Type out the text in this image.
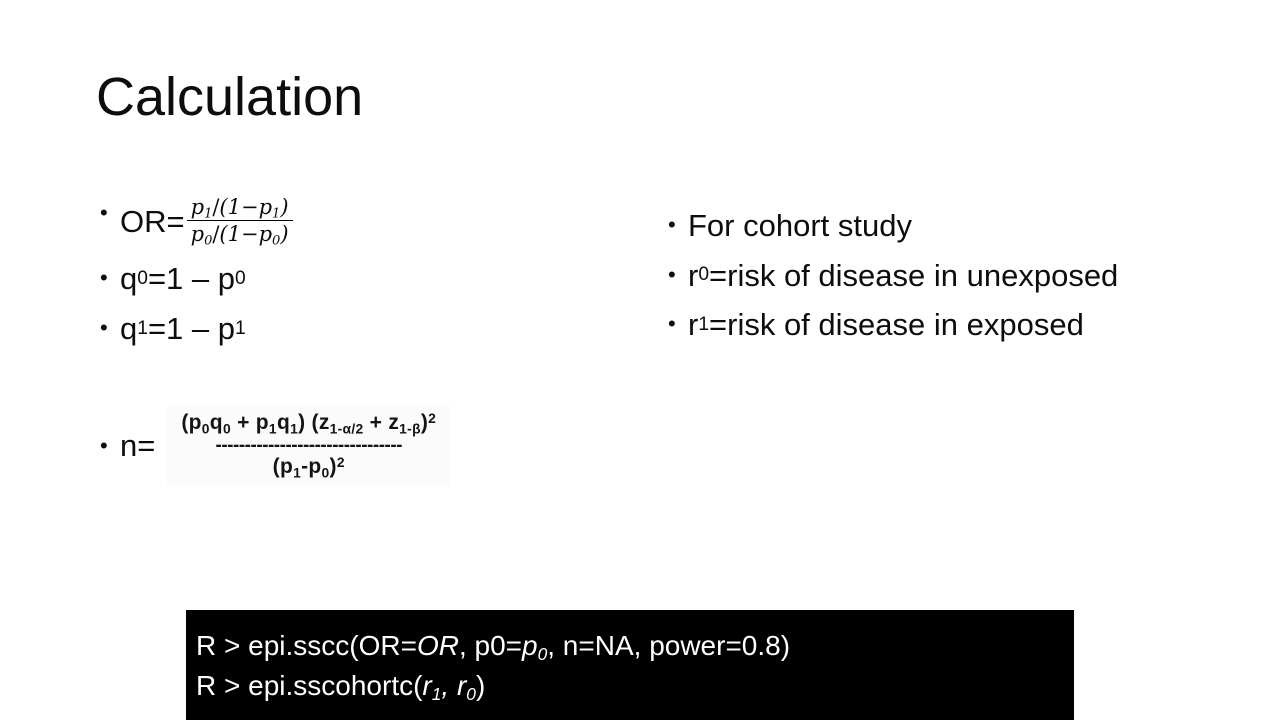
Calculation
• $OR= \frac{p_1/(1-p_1)}{p_0/(1-p_0)}$
• q 0 =1 – p 0
• q 1 =1 – p 1
• n=
$(p_0q_0 + p_1q_1) (z_{1-\alpha/2} + z_{1-\beta})^2$
--------------------------------
$(p_1-p_0)^2$
• For cohort study
• r 0 =risk of disease in unexposed
• r 1 =risk of disease in exposed
R > epi.sscc(OR=OR, $p0=p_0$, n=NA, power=0.8)
$R > epi.sscohortc(r_1$, $r_0$)
